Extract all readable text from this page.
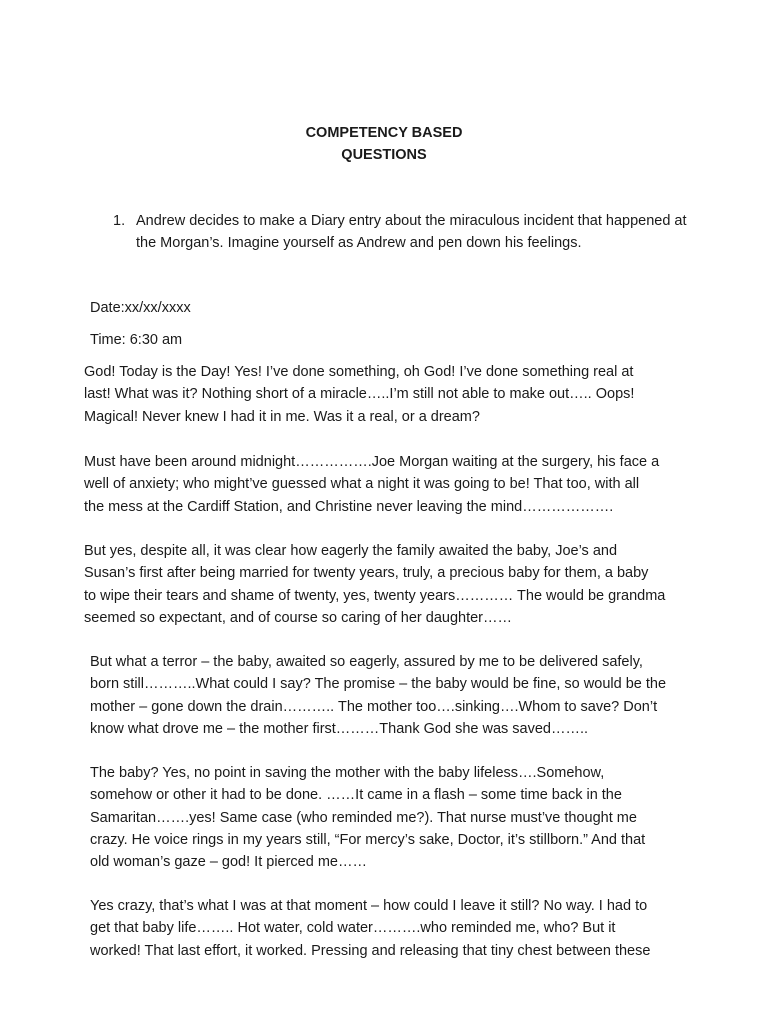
COMPETENCY BASED
QUESTIONS
1. Andrew decides to make a Diary entry about the miraculous incident that happened at the Morgan’s. Imagine yourself as Andrew and pen down his feelings.
Date:xx/xx/xxxx
Time: 6:30 am
God! Today is the Day! Yes! I’ve done something, oh God! I’ve done something real at
last! What was it? Nothing short of a miracle…..I’m still not able to make out….. Oops!
Magical! Never knew I had it in me. Was it a real, or a dream?
Must have been around midnight…………….Joe Morgan waiting at the surgery, his face a
well of anxiety; who might’ve guessed what a night it was going to be! That too, with all
the mess at the Cardiff Station, and Christine never leaving the mind……………….
But yes, despite all, it was clear how eagerly the family awaited the baby, Joe’s and
Susan’s first after being married for twenty years, truly, a precious baby for them, a baby
to wipe their tears and shame of twenty, yes, twenty years………… The would be grandma
seemed so expectant, and of course so caring of her daughter……
But what a terror – the baby, awaited so eagerly, assured by me to be delivered safely,
born still………..What could I say? The promise – the baby would be fine, so would be the
mother – gone down the drain……….. The mother too….sinking….Whom to save? Don’t
know what drove me – the mother first………Thank God she was saved……..
The baby? Yes, no point in saving the mother with the baby lifeless….Somehow,
somehow or other it had to be done. ……It came in a flash – some time back in the
Samaritan…….yes! Same case (who reminded me?). That nurse must’ve thought me
crazy. He voice rings in my years still, “For mercy’s sake, Doctor, it’s stillborn.” And that
old woman’s gaze – god! It pierced me……
Yes crazy, that’s what I was at that moment – how could I leave it still? No way. I had to
get that baby life…….. Hot water, cold water……….who reminded me, who? But it
worked! That last effort, it worked. Pressing and releasing that tiny chest between these
